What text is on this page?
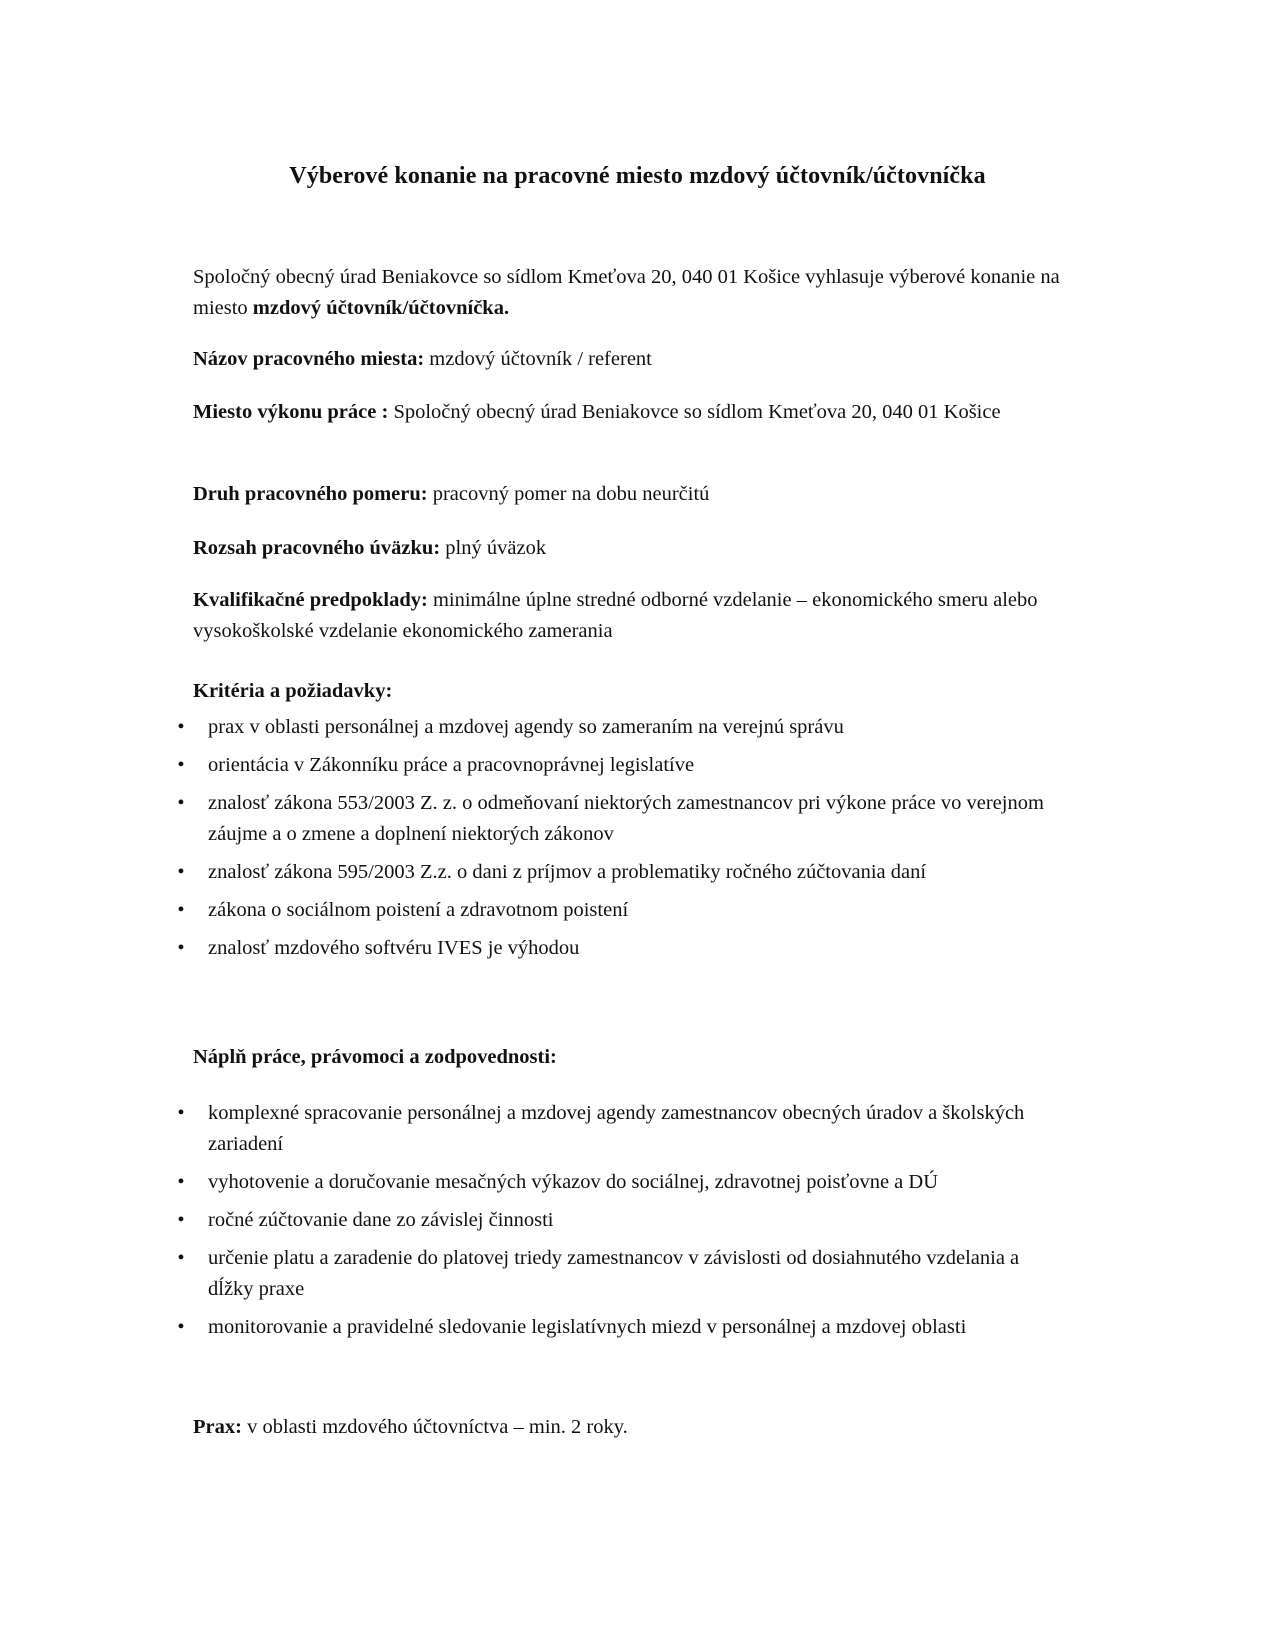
Výberové konanie na pracovné miesto mzdový účtovník/účtovníčka

Spoločný obecný úrad Beniakovce so sídlom Kmeťova 20, 040 01 Košice vyhlasuje výberové konanie na miesto mzdový účtovník/účtovníčka.

Názov pracovného miesta: mzdový účtovník / referent

Miesto výkonu práce : Spoločný obecný úrad Beniakovce so sídlom Kmeťova 20, 040 01 Košice

Druh pracovného pomeru: pracovný pomer na dobu neurčitú

Rozsah pracovného úväzku: plný úväzok

Kvalifikačné predpoklady: minimálne úplne stredné odborné vzdelanie – ekonomického smeru alebo vysokoškolské vzdelanie ekonomického zamerania

Kritéria a požiadavky:

• prax v oblasti personálnej a mzdovej agendy so zameraním na verejnú správu
• orientácia v Zákonníku práce a pracovnoprávnej legislatíve
• znalosť zákona 553/2003 Z. z. o odmeňovaní niektorých zamestnancov pri výkone práce vo verejnom záujme a o zmene a doplnení niektorých zákonov
• znalosť zákona 595/2003 Z.z. o dani z príjmov a problematiky ročného zúčtovania daní
• zákona o sociálnom poistení a zdravotnom poistení
• znalosť mzdového softvéru IVES je výhodou

Náplň práce, právomoci a zodpovednosti:

• komplexné spracovanie personálnej a mzdovej agendy zamestnancov obecných úradov a školských zariadení
• vyhotovenie a doručovanie mesačných výkazov do sociálnej, zdravotnej poisťovne a DÚ
• ročné zúčtovanie dane zo závislej činnosti
• určenie platu a zaradenie do platovej triedy zamestnancov v závislosti od dosiahnutého vzdelania a dĺžky praxe
• monitorovanie a pravidelné sledovanie legislatívnych miezd v personálnej a mzdovej oblasti

Prax: v oblasti mzdového účtovníctva – min. 2 roky.
